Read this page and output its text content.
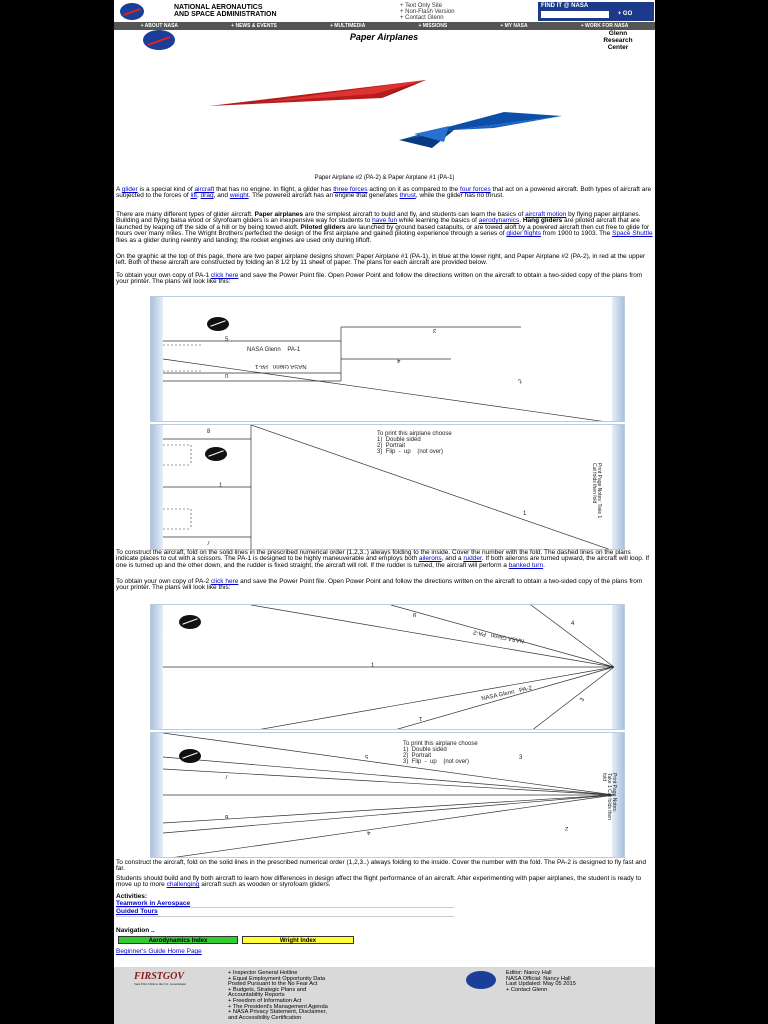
NATIONAL AERONAUTICS
AND SPACE ADMINISTRATION
+ Text Only Site
+ Non-Flash Version
+ Contact Glenn
FIND IT @ NASA
+ GO
+ ABOUT NASA	+ NEWS & EVENTS	+ MULTIMEDIA	+ MISSIONS	+ MY NASA	+ WORK FOR NASA
Paper Airplanes	Glenn
Research
Center
Paper Airplane #2 (PA-2) & Paper Airplane #1 (PA-1)
A glider is a special kind of aircraft that has no engine. In flight, a glider has three forces acting on it as compared to the four forces that act on a powered aircraft. Both types of aircraft are subjected to the forces of lift, drag, and weight. The powered aircraft has an engine that generates thrust, while the glider has no thrust.
There are many different types of glider aircraft. Paper airplanes are the simplest aircraft to build and fly, and students can learn the basics of aircraft motion by flying paper airplanes. Building and flying balsa wood or styrofoam gliders is an inexpensive way for students to have fun while learning the basics of aerodynamics. Hang gliders are piloted aircraft that are launched by leaping off the side of a hill or by being towed aloft. Piloted gliders are launched by ground based catapults, or are towed aloft by a powered aircraft then cut free to glide for hours over many miles. The Wright Brothers perfected the design of the first airplane and gained piloting experience through a series of glider flights from 1900 to 1903. The Space Shuttle flies as a glider during reentry and landing; the rocket engines are used only during liftoff.
On the graphic at the top of this page, there are two paper airplane designs shown: Paper Airplane #1 (PA-1), in blue at the lower right, and Paper Airplane #2 (PA-2), in red at the upper left. Both of these aircraft are constructed by folding an 8 1/2 by 11 sheet of paper. The plans for each aircraft are provided below.
To obtain your own copy of PA-1 click here and save the Power Point file. Open Power Point and follow the directions written on the aircraft to obtain a two-sided copy of the plans from your printer. The plans will look like this:
NASA Glenn    PA-1
NASA Glenn   PA-1
5
0
4
3
2
To print this airplane choose
1)  Double sided
2)  Portrait
3)  Flip  -  up    (not over)
Print Page Notes: Take 1 Cut folds then fold
8
1
7
1
To construct the aircraft, fold on the solid lines in the prescribed numerical order (1,2,3..) always folding to the inside. Cover the number with the fold. The dashed lines on the plans indicate places to cut with a scissors. The PA-1 is designed to be highly maneuverable and employs both ailerons, and a rudder. If both ailerons are turned upward, the aircraft will loop. If one is turned up and the other down, and the rudder is fixed straight, the aircraft will roll. If the rudder is turned, the aircraft will perform a banked turn.
To obtain your own copy of PA-2 click here and save the Power Point file. Open Power Point and follow the directions written on the aircraft to obtain a two-sided copy of the plans from your printer. The plans will look like this:
NASA Glenn   PA-2
NASA Glenn   PA-2
9
4
1
3
1
To print this airplane choose
1)  Double sided
2)  Portrait
3)  Flip  -  up    (not over)
Print Page Notes: Take 1 Cut folds then fold
5	3
7
6
4
2
To construct the aircraft, fold on the solid lines in the prescribed numerical order (1,2,3..) always folding to the inside. Cover the number with the fold. The PA-2 is designed to fly fast and far.
Students should build and fly both aircraft to learn how differences in design affect the flight performance of an aircraft. After experimenting with paper airplanes, the student is ready to move up to more challenging aircraft such as wooden or styrofoam gliders.
Activities:
Teamwork in Aerospace
Guided Tours
Navigation ..
Aerodynamics Index	Wright Index
Beginner's Guide Home Page
FIRSTGOV
Your First Click to the U.S. Government
+ Inspector General Hotline
+ Equal Employment Opportunity Data
Posted Pursuant to the No Fear Act
+ Budgets, Strategic Plans and
Accountability Reports
+ Freedom of Information Act
+ The President's Management Agenda
+ NASA Privacy Statement, Disclaimer,
and Accessibility Certification
Editor: Nancy Hall
NASA Official: Nancy Hall
Last Updated: May 05 2015
+ Contact Glenn
